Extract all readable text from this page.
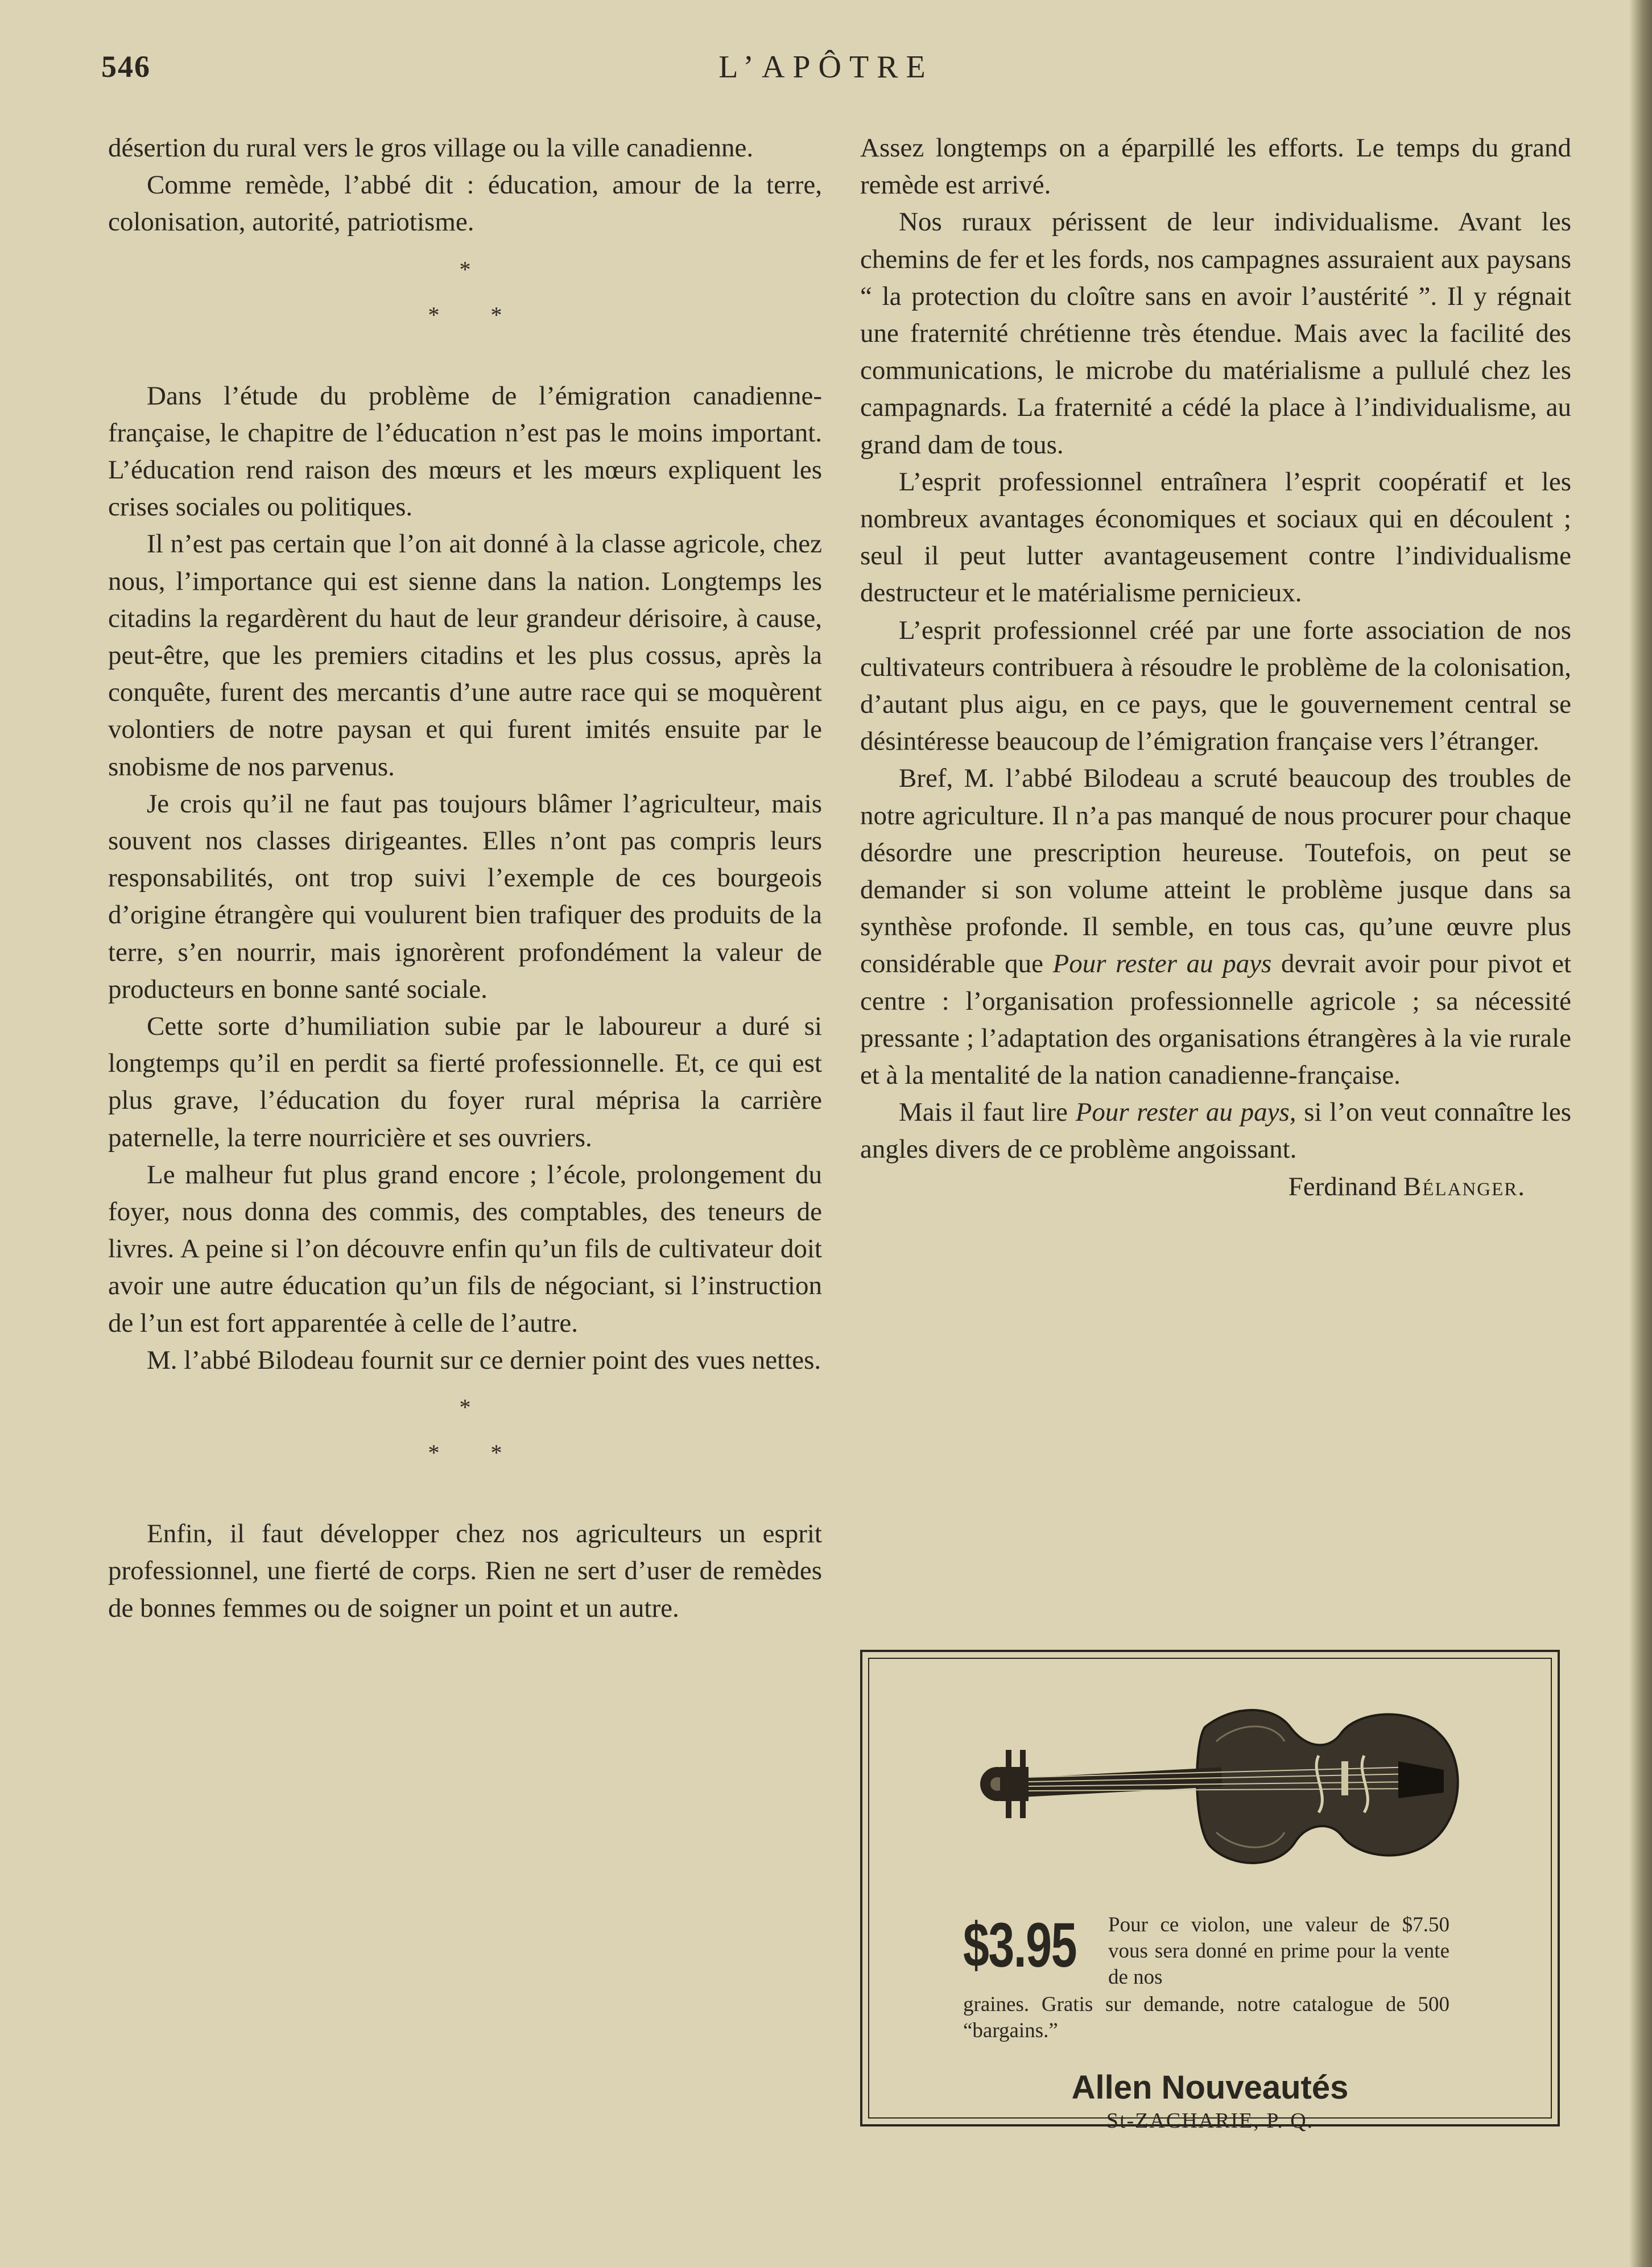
546	L’APÔTRE

désertion du rural vers le gros village ou la ville canadienne.

Comme remède, l’abbé dit : éducation, amour de la terre, colonisation, autorité, patriotisme.

*
* *

Dans l’étude du problème de l’émigration canadienne-française, le chapitre de l’éducation n’est pas le moins important. L’éducation rend raison des mœurs et les mœurs expliquent les crises sociales ou politiques.

Il n’est pas certain que l’on ait donné à la classe agricole, chez nous, l’importance qui est sienne dans la nation. Longtemps les citadins la regardèrent du haut de leur grandeur dérisoire, à cause, peut-être, que les premiers citadins et les plus cossus, après la conquête, furent des mercantis d’une autre race qui se moquèrent volontiers de notre paysan et qui furent imités ensuite par le snobisme de nos parvenus.

Je crois qu’il ne faut pas toujours blâmer l’agriculteur, mais souvent nos classes dirigeantes. Elles n’ont pas compris leurs responsabilités, ont trop suivi l’exemple de ces bourgeois d’origine étrangère qui voulurent bien trafiquer des produits de la terre, s’en nourrir, mais ignorèrent profondément la valeur de producteurs en bonne santé sociale.

Cette sorte d’humiliation subie par le laboureur a duré si longtemps qu’il en perdit sa fierté professionnelle. Et, ce qui est plus grave, l’éducation du foyer rural méprisa la carrière paternelle, la terre nourricière et ses ouvriers.

Le malheur fut plus grand encore ; l’école, prolongement du foyer, nous donna des commis, des comptables, des teneurs de livres. A peine si l’on découvre enfin qu’un fils de cultivateur doit avoir une autre éducation qu’un fils de négociant, si l’instruction de l’un est fort apparentée à celle de l’autre.

M. l’abbé Bilodeau fournit sur ce dernier point des vues nettes.

*
* *

Enfin, il faut développer chez nos agriculteurs un esprit professionnel, une fierté de corps. Rien ne sert d’user de remèdes de bonnes femmes ou de soigner un point et un autre.

Assez longtemps on a éparpillé les efforts. Le temps du grand remède est arrivé.

Nos ruraux périssent de leur individualisme. Avant les chemins de fer et les fords, nos campagnes assuraient aux paysans “ la protection du cloître sans en avoir l’austérité ”. Il y régnait une fraternité chrétienne très étendue. Mais avec la facilité des communications, le microbe du matérialisme a pullulé chez les campagnards. La fraternité a cédé la place à l’individualisme, au grand dam de tous.

L’esprit professionnel entraînera l’esprit coopératif et les nombreux avantages économiques et sociaux qui en découlent ; seul il peut lutter avantageusement contre l’individualisme destructeur et le matérialisme pernicieux.

L’esprit professionnel créé par une forte association de nos cultivateurs contribuera à résoudre le problème de la colonisation, d’autant plus aigu, en ce pays, que le gouvernement central se désintéresse beaucoup de l’émigration française vers l’étranger.

Bref, M. l’abbé Bilodeau a scruté beaucoup des troubles de notre agriculture. Il n’a pas manqué de nous procurer pour chaque désordre une prescription heureuse. Toutefois, on peut se demander si son volume atteint le problème jusque dans sa synthèse profonde. Il semble, en tous cas, qu’une œuvre plus considérable que Pour rester au pays devrait avoir pour pivot et centre : l’organisation professionnelle agricole ; sa nécessité pressante ; l’adaptation des organisations étrangères à la vie rurale et à la mentalité de la nation canadienne-française.

Mais il faut lire Pour rester au pays, si l’on veut connaître les angles divers de ce problème angoissant.

Ferdinand Bélanger.
$3.95 Pour ce violon, une valeur de $7.50 vous sera donné en prime pour la vente de nos
graines. Gratis sur demande, notre catalogue de 500 “bargains.”
Allen Nouveautés
St-ZACHARIE, P. Q.
